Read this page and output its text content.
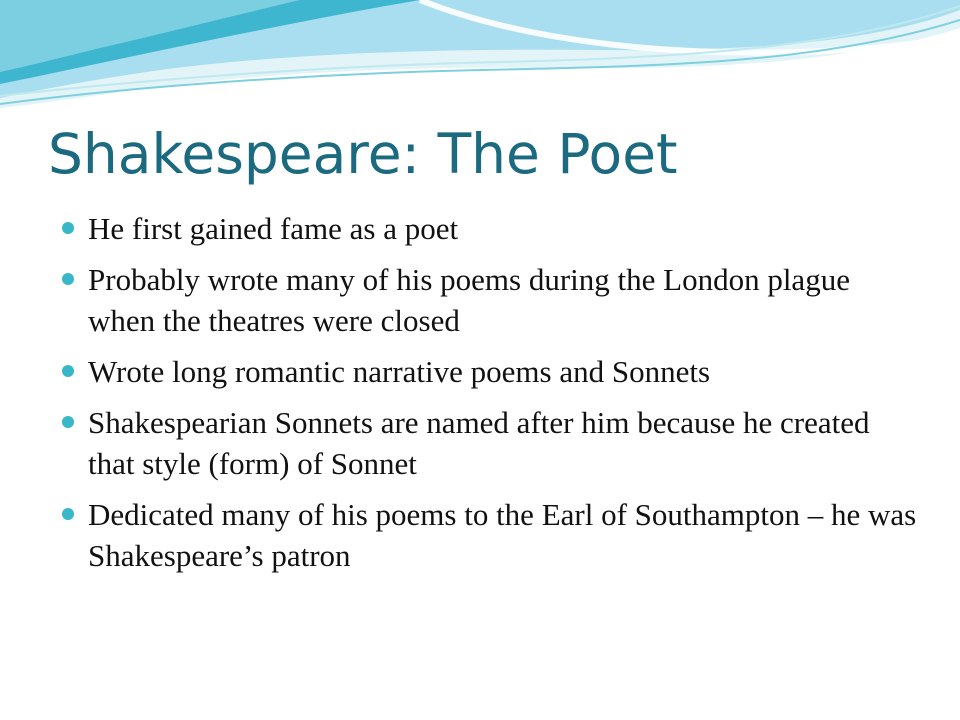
Shakespeare: The Poet
He first gained fame as a poet
Probably wrote many of his poems during the London plague when the theatres were closed
Wrote long romantic narrative poems and Sonnets
Shakespearian Sonnets are named after him because he created that style (form) of Sonnet
Dedicated many of his poems to the Earl of Southampton – he was Shakespeare’s patron
